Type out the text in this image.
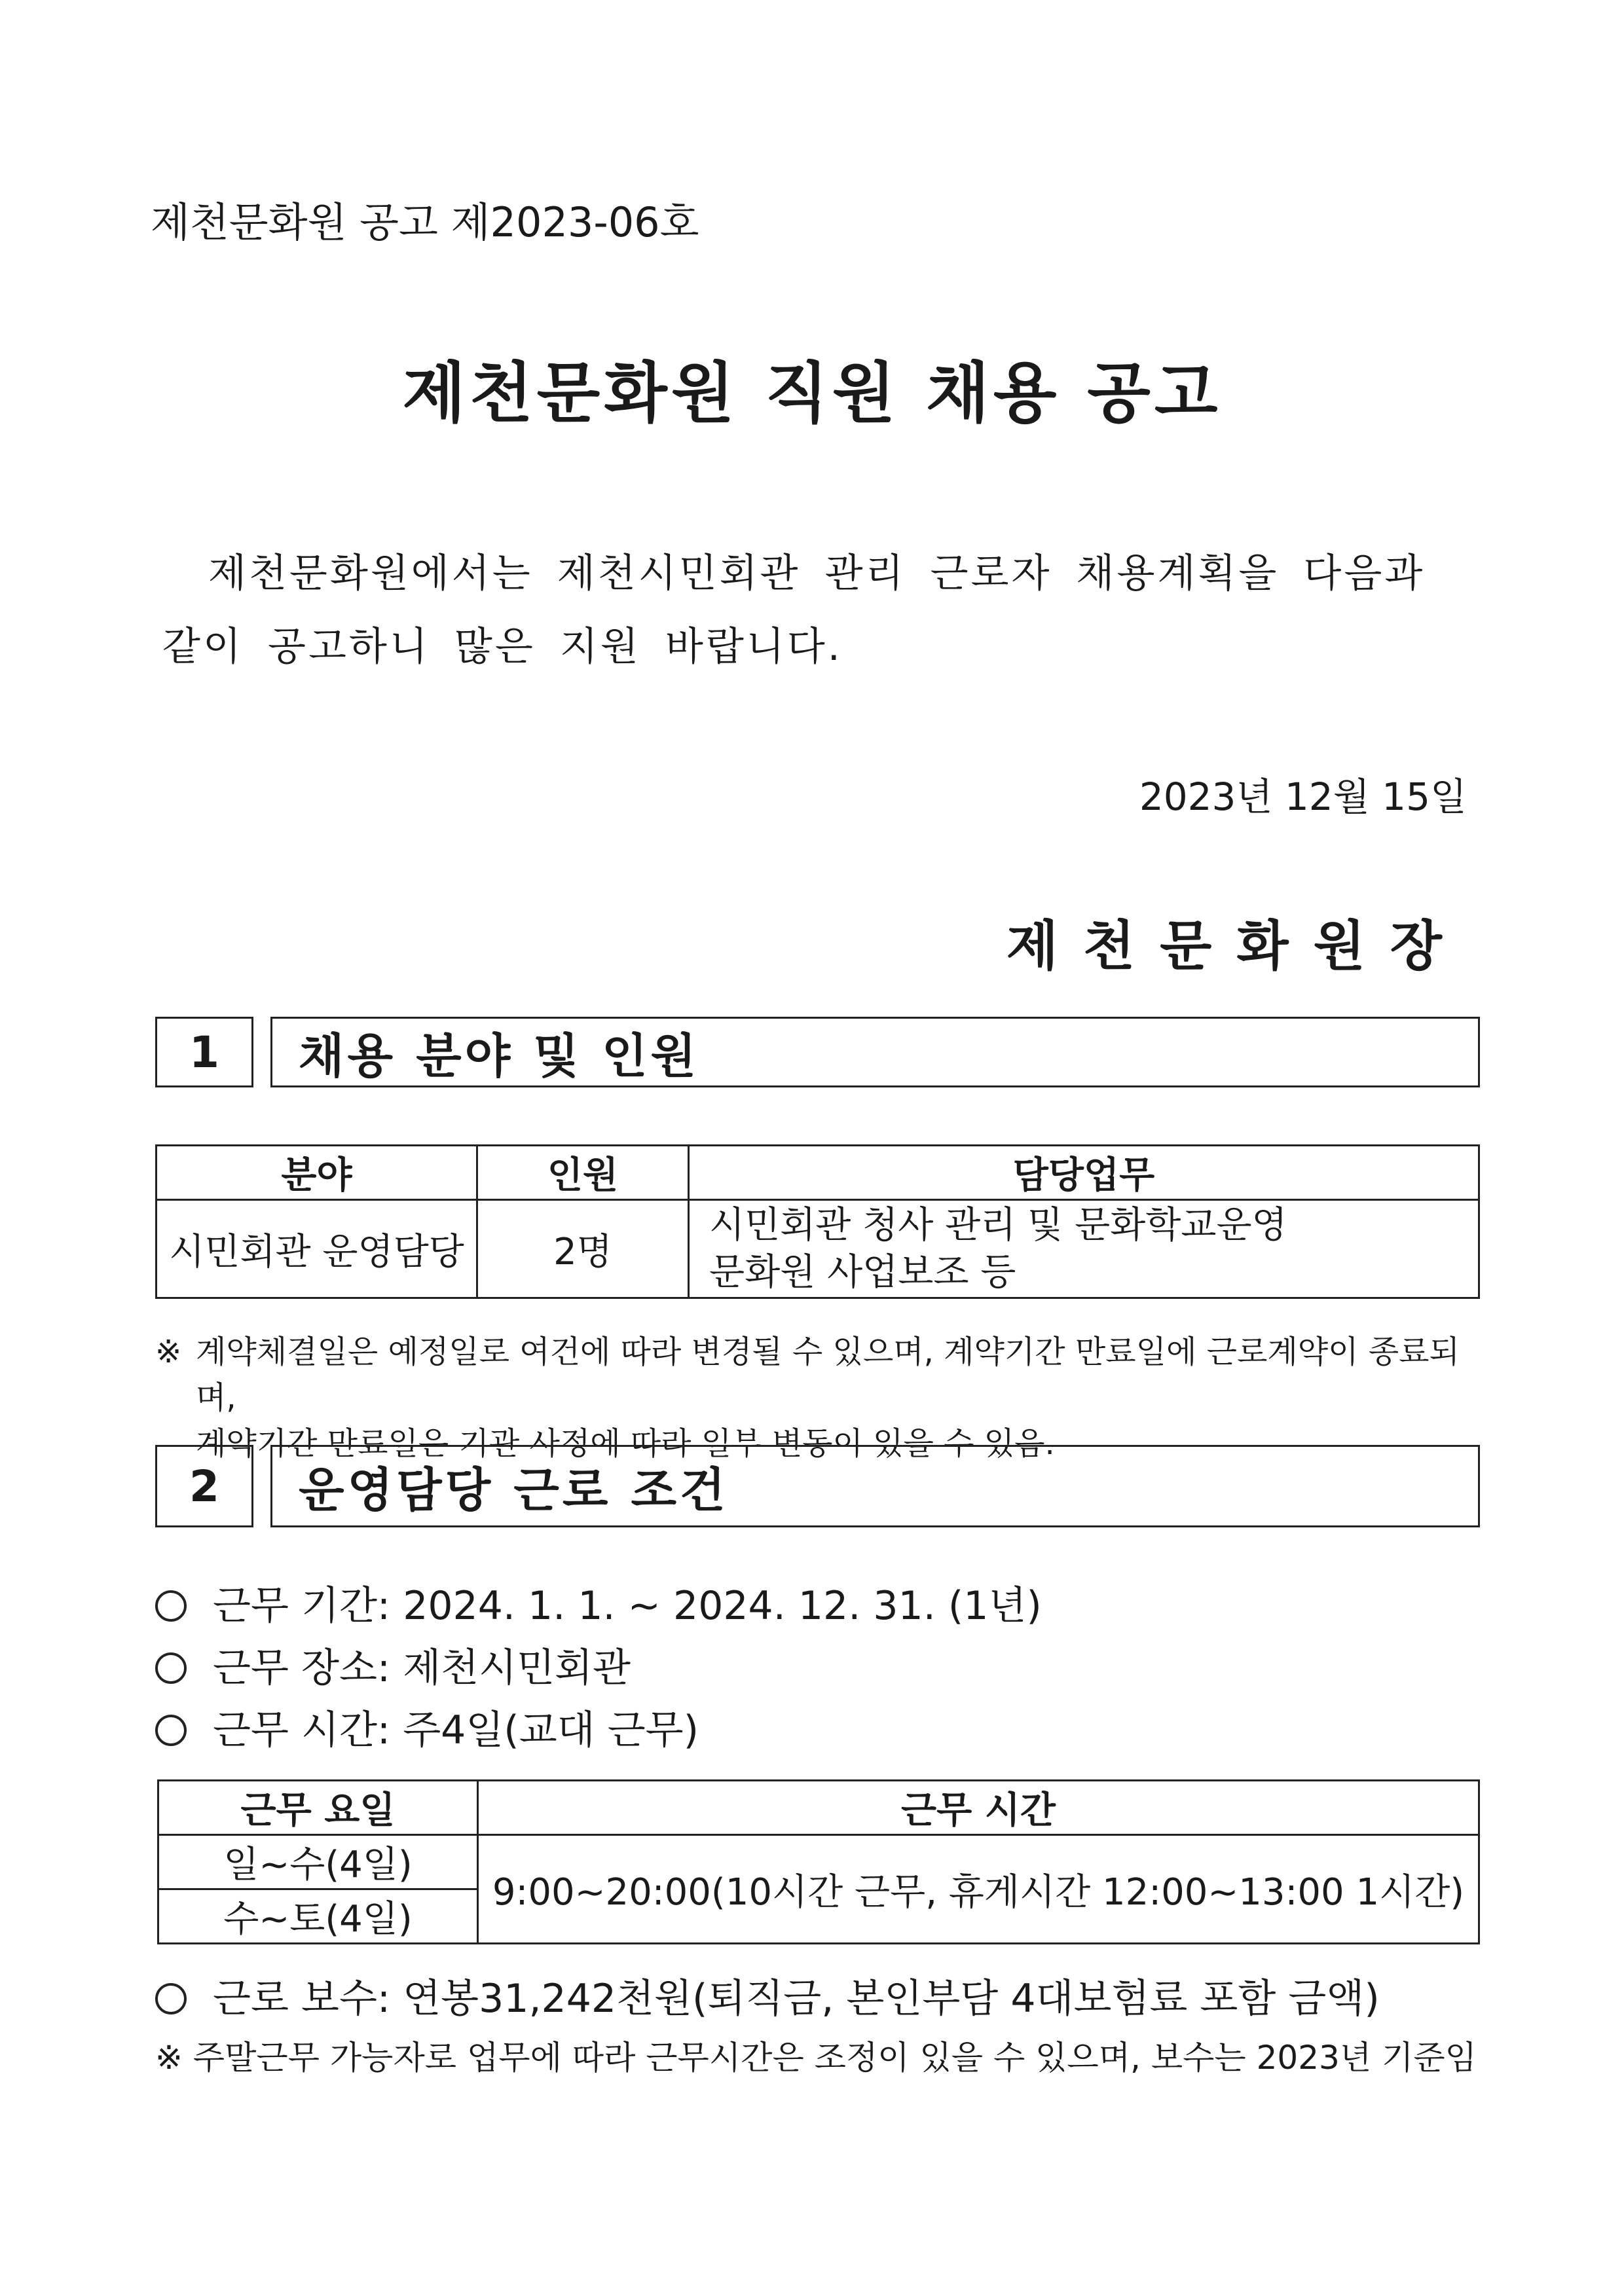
제천문화원 공고 제2023-06호
제천문화원 직원 채용 공고
제천문화원에서는 제천시민회관 관리 근로자 채용계획을 다음과 같이 공고하니 많은 지원 바랍니다.
2023년 12월 15일
제천문화원장
1	채용 분야 및 인원
분야	인원	담당업무
시민회관 운영담당	2명	시민회관 청사 관리 및 문화학교운영
문화원 사업보조 등
※ 계약체결일은 예정일로 여건에 따라 변경될 수 있으며, 계약기간 만료일에 근로계약이 종료되며,
계약기간 만료일은 기관 사정에 따라 일부 변동이 있을 수 있음.
2	운영담당 근로 조건
근무 기간: 2024. 1. 1. ~ 2024. 12. 31. (1년)
근무 장소: 제천시민회관
근무 시간: 주4일(교대 근무)
근무 요일	근무 시간
일~수(4일)	9:00~20:00(10시간 근무, 휴게시간 12:00~13:00 1시간)
수~토(4일)	
근로 보수: 연봉31,242천원(퇴직금, 본인부담 4대보험료 포함 금액)
※ 주말근무 가능자로 업무에 따라 근무시간은 조정이 있을 수 있으며, 보수는 2023년 기준임
